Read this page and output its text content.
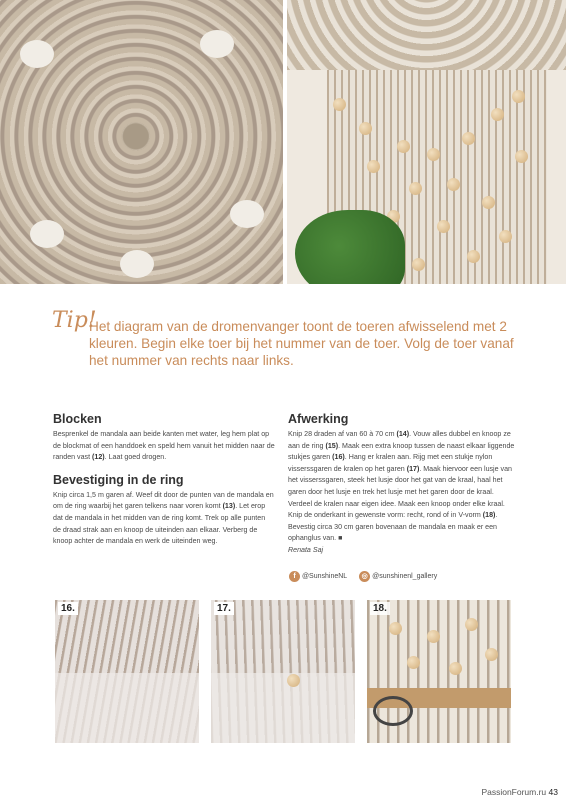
Tip!
Het diagram van de dromenvanger toont de toeren afwisselend met 2 kleuren. Begin elke toer bij het nummer van de toer. Volg de toer vanaf het nummer van rechts naar links.
Blocken

Besprenkel de mandala aan beide kanten met water, leg hem plat op de blockmat of een handdoek en speld hem vanuit het midden naar de randen vast (12). Laat goed drogen.

Bevestiging in de ring

Knip circa 1,5 m garen af. Weef dit door de punten van de mandala en om de ring waarbij het garen telkens naar voren komt (13). Let erop dat de mandala in het midden van de ring komt. Trek op alle punten de draad strak aan en knoop de uiteinden aan elkaar. Verberg de knoop achter de mandala en werk de uiteinden weg.

Afwerking

Knip 28 draden af van 60 à 70 cm (14). Vouw alles dubbel en knoop ze aan de ring (15). Maak een extra knoop tussen de naast elkaar liggende stukjes garen (16). Hang er kralen aan. Rijg met een stukje nylon visserssgaren de kralen op het garen (17). Maak hiervoor een lusje van het visserssgaren, steek het lusje door het gat van de kraal, haal het garen door het lusje en trek het lusje met het garen door de kraal. Verdeel de kralen naar eigen idee. Maak een knoop onder elke kraal. Knip de onderkant in gewenste vorm: recht, rond of in V-vorm (18). Bevestig circa 30 cm garen bovenaan de mandala en maak er een ophanglus van. ■

Renata Saj
f @SunshineNL ◎ @sunshinenl_gallery
16.	17.	18.
PassionForum.ru 43
